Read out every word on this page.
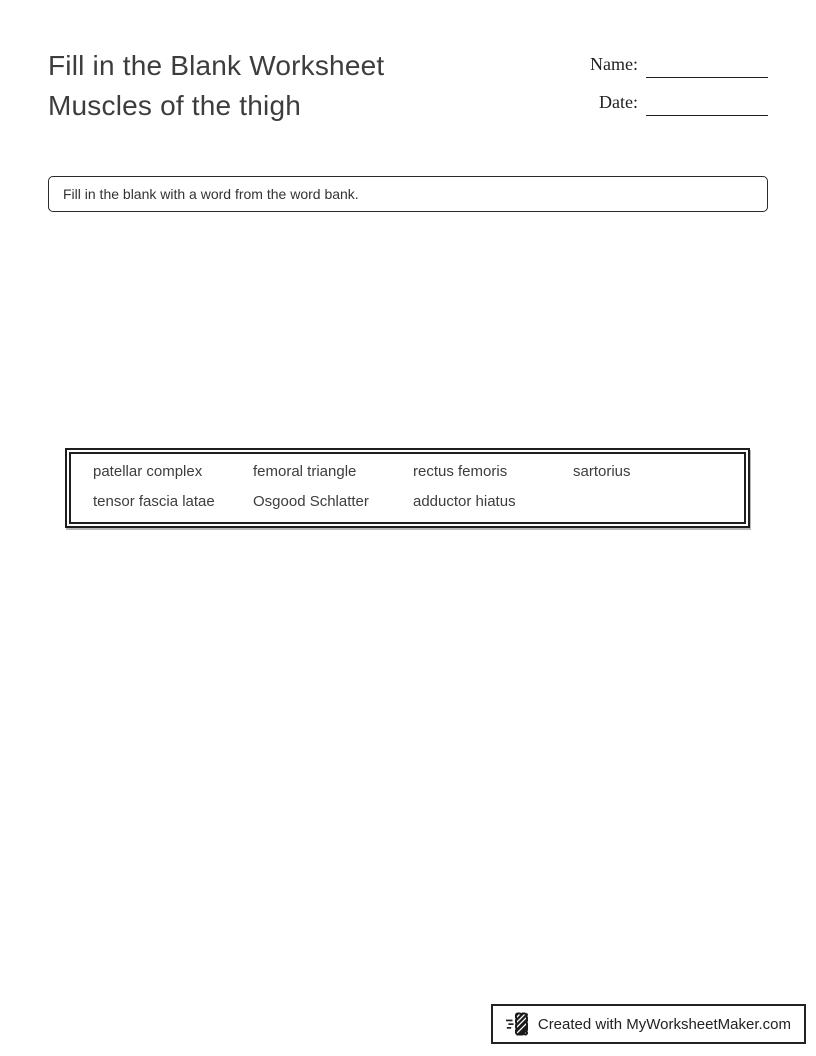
Fill in the Blank Worksheet
Muscles of the thigh
Name:
Date:
Fill in the blank with a word from the word bank.
patellar complex	femoral triangle	rectus femoris	sartorius
tensor fascia latae	Osgood Schlatter	adductor hiatus
Created with MyWorksheetMaker.com
